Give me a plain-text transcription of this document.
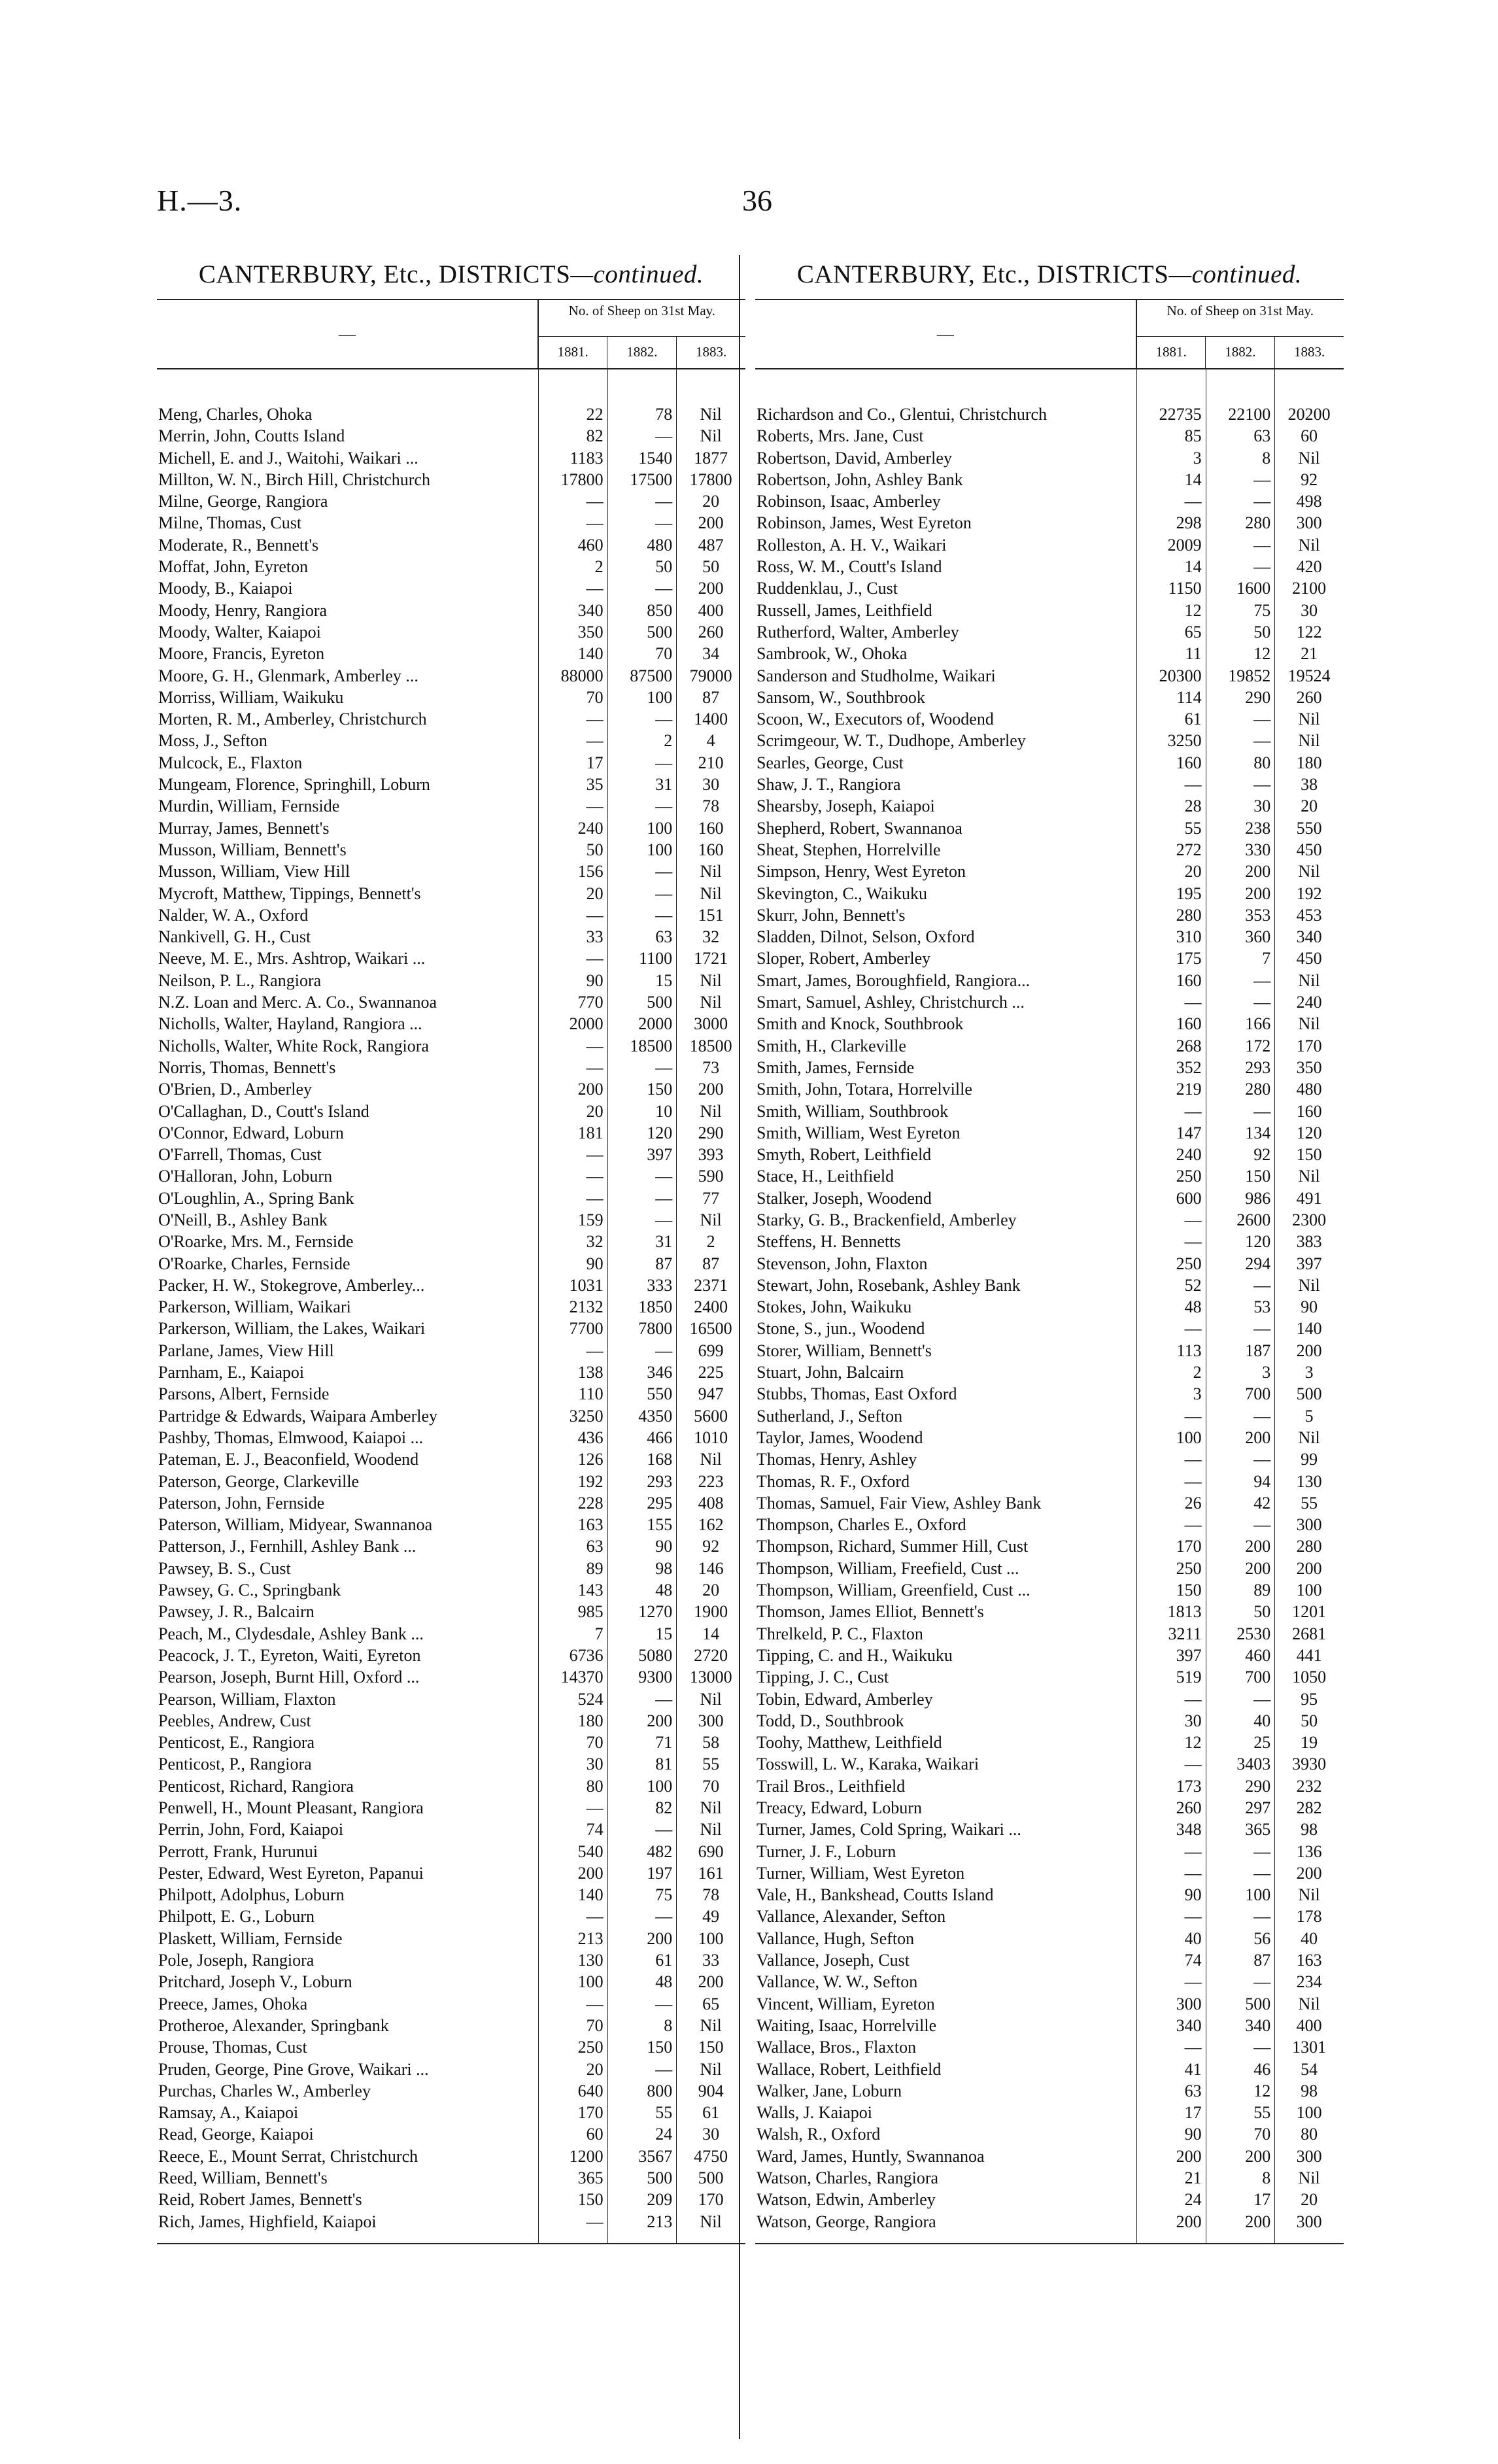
H.—3.	36
CANTERBURY, Etc., DISTRICTS—continued.
—
No. of Sheep on 31st May.
1881.	1882.	1883.
Meng, Charles, Ohoka	22	78	Nil
Merrin, John, Coutts Island	82	—	Nil
Michell, E. and J., Waitohi, Waikari ...	1183	1540	1877
Millton, W. N., Birch Hill, Christchurch	17800	17500	17800
Milne, George, Rangiora	—	—	20
Milne, Thomas, Cust	—	—	200
Moderate, R., Bennett's	460	480	487
Moffat, John, Eyreton	2	50	50
Moody, B., Kaiapoi	—	—	200
Moody, Henry, Rangiora	340	850	400
Moody, Walter, Kaiapoi	350	500	260
Moore, Francis, Eyreton	140	70	34
Moore, G. H., Glenmark, Amberley ...	88000	87500	79000
Morriss, William, Waikuku	70	100	87
Morten, R. M., Amberley, Christchurch	—	—	1400
Moss, J., Sefton	—	2	4
Mulcock, E., Flaxton	17	—	210
Mungeam, Florence, Springhill, Loburn	35	31	30
Murdin, William, Fernside	—	—	78
Murray, James, Bennett's	240	100	160
Musson, William, Bennett's	50	100	160
Musson, William, View Hill	156	—	Nil
Mycroft, Matthew, Tippings, Bennett's	20	—	Nil
Nalder, W. A., Oxford	—	—	151
Nankivell, G. H., Cust	33	63	32
Neeve, M. E., Mrs. Ashtrop, Waikari ...	—	1100	1721
Neilson, P. L., Rangiora	90	15	Nil
N.Z. Loan and Merc. A. Co., Swannanoa	770	500	Nil
Nicholls, Walter, Hayland, Rangiora ...	2000	2000	3000
Nicholls, Walter, White Rock, Rangiora	—	18500	18500
Norris, Thomas, Bennett's	—	—	73
O'Brien, D., Amberley	200	150	200
O'Callaghan, D., Coutt's Island	20	10	Nil
O'Connor, Edward, Loburn	181	120	290
O'Farrell, Thomas, Cust	—	397	393
O'Halloran, John, Loburn	—	—	590
O'Loughlin, A., Spring Bank	—	—	77
O'Neill, B., Ashley Bank	159	—	Nil
O'Roarke, Mrs. M., Fernside	32	31	2
O'Roarke, Charles, Fernside	90	87	87
Packer, H. W., Stokegrove, Amberley...	1031	333	2371
Parkerson, William, Waikari	2132	1850	2400
Parkerson, William, the Lakes, Waikari	7700	7800	16500
Parlane, James, View Hill	—	—	699
Parnham, E., Kaiapoi	138	346	225
Parsons, Albert, Fernside	110	550	947
Partridge & Edwards, Waipara Amberley	3250	4350	5600
Pashby, Thomas, Elmwood, Kaiapoi ...	436	466	1010
Pateman, E. J., Beaconfield, Woodend	126	168	Nil
Paterson, George, Clarkeville	192	293	223
Paterson, John, Fernside	228	295	408
Paterson, William, Midyear, Swannanoa	163	155	162
Patterson, J., Fernhill, Ashley Bank ...	63	90	92
Pawsey, B. S., Cust	89	98	146
Pawsey, G. C., Springbank	143	48	20
Pawsey, J. R., Balcairn	985	1270	1900
Peach, M., Clydesdale, Ashley Bank ...	7	15	14
Peacock, J. T., Eyreton, Waiti, Eyreton	6736	5080	2720
Pearson, Joseph, Burnt Hill, Oxford ...	14370	9300	13000
Pearson, William, Flaxton	524	—	Nil
Peebles, Andrew, Cust	180	200	300
Penticost, E., Rangiora	70	71	58
Penticost, P., Rangiora	30	81	55
Penticost, Richard, Rangiora	80	100	70
Penwell, H., Mount Pleasant, Rangiora	—	82	Nil
Perrin, John, Ford, Kaiapoi	74	—	Nil
Perrott, Frank, Hurunui	540	482	690
Pester, Edward, West Eyreton, Papanui	200	197	161
Philpott, Adolphus, Loburn	140	75	78
Philpott, E. G., Loburn	—	—	49
Plaskett, William, Fernside	213	200	100
Pole, Joseph, Rangiora	130	61	33
Pritchard, Joseph V., Loburn	100	48	200
Preece, James, Ohoka	—	—	65
Protheroe, Alexander, Springbank	70	8	Nil
Prouse, Thomas, Cust	250	150	150
Pruden, George, Pine Grove, Waikari ...	20	—	Nil
Purchas, Charles W., Amberley	640	800	904
Ramsay, A., Kaiapoi	170	55	61
Read, George, Kaiapoi	60	24	30
Reece, E., Mount Serrat, Christchurch	1200	3567	4750
Reed, William, Bennett's	365	500	500
Reid, Robert James, Bennett's	150	209	170
Rich, James, Highfield, Kaiapoi	—	213	Nil
CANTERBURY, Etc., DISTRICTS—continued.
—
No. of Sheep on 31st May.
1881.	1882.	1883.
Richardson and Co., Glentui, Christchurch	22735	22100	20200
Roberts, Mrs. Jane, Cust	85	63	60
Robertson, David, Amberley	3	8	Nil
Robertson, John, Ashley Bank	14	—	92
Robinson, Isaac, Amberley	—	—	498
Robinson, James, West Eyreton	298	280	300
Rolleston, A. H. V., Waikari	2009	—	Nil
Ross, W. M., Coutt's Island	14	—	420
Ruddenklau, J., Cust	1150	1600	2100
Russell, James, Leithfield	12	75	30
Rutherford, Walter, Amberley	65	50	122
Sambrook, W., Ohoka	11	12	21
Sanderson and Studholme, Waikari	20300	19852	19524
Sansom, W., Southbrook	114	290	260
Scoon, W., Executors of, Woodend	61	—	Nil
Scrimgeour, W. T., Dudhope, Amberley	3250	—	Nil
Searles, George, Cust	160	80	180
Shaw, J. T., Rangiora	—	—	38
Shearsby, Joseph, Kaiapoi	28	30	20
Shepherd, Robert, Swannanoa	55	238	550
Sheat, Stephen, Horrelville	272	330	450
Simpson, Henry, West Eyreton	20	200	Nil
Skevington, C., Waikuku	195	200	192
Skurr, John, Bennett's	280	353	453
Sladden, Dilnot, Selson, Oxford	310	360	340
Sloper, Robert, Amberley	175	7	450
Smart, James, Boroughfield, Rangiora...	160	—	Nil
Smart, Samuel, Ashley, Christchurch ...	—	—	240
Smith and Knock, Southbrook	160	166	Nil
Smith, H., Clarkeville	268	172	170
Smith, James, Fernside	352	293	350
Smith, John, Totara, Horrelville	219	280	480
Smith, William, Southbrook	—	—	160
Smith, William, West Eyreton	147	134	120
Smyth, Robert, Leithfield	240	92	150
Stace, H., Leithfield	250	150	Nil
Stalker, Joseph, Woodend	600	986	491
Starky, G. B., Brackenfield, Amberley	—	2600	2300
Steffens, H. Bennetts	—	120	383
Stevenson, John, Flaxton	250	294	397
Stewart, John, Rosebank, Ashley Bank	52	—	Nil
Stokes, John, Waikuku	48	53	90
Stone, S., jun., Woodend	—	—	140
Storer, William, Bennett's	113	187	200
Stuart, John, Balcairn	2	3	3
Stubbs, Thomas, East Oxford	3	700	500
Sutherland, J., Sefton	—	—	5
Taylor, James, Woodend	100	200	Nil
Thomas, Henry, Ashley	—	—	99
Thomas, R. F., Oxford	—	94	130
Thomas, Samuel, Fair View, Ashley Bank	26	42	55
Thompson, Charles E., Oxford	—	—	300
Thompson, Richard, Summer Hill, Cust	170	200	280
Thompson, William, Freefield, Cust ...	250	200	200
Thompson, William, Greenfield, Cust ...	150	89	100
Thomson, James Elliot, Bennett's	1813	50	1201
Threlkeld, P. C., Flaxton	3211	2530	2681
Tipping, C. and H., Waikuku	397	460	441
Tipping, J. C., Cust	519	700	1050
Tobin, Edward, Amberley	—	—	95
Todd, D., Southbrook	30	40	50
Toohy, Matthew, Leithfield	12	25	19
Tosswill, L. W., Karaka, Waikari	—	3403	3930
Trail Bros., Leithfield	173	290	232
Treacy, Edward, Loburn	260	297	282
Turner, James, Cold Spring, Waikari ...	348	365	98
Turner, J. F., Loburn	—	—	136
Turner, William, West Eyreton	—	—	200
Vale, H., Bankshead, Coutts Island	90	100	Nil
Vallance, Alexander, Sefton	—	—	178
Vallance, Hugh, Sefton	40	56	40
Vallance, Joseph, Cust	74	87	163
Vallance, W. W., Sefton	—	—	234
Vincent, William, Eyreton	300	500	Nil
Waiting, Isaac, Horrelville	340	340	400
Wallace, Bros., Flaxton	—	—	1301
Wallace, Robert, Leithfield	41	46	54
Walker, Jane, Loburn	63	12	98
Walls, J. Kaiapoi	17	55	100
Walsh, R., Oxford	90	70	80
Ward, James, Huntly, Swannanoa	200	200	300
Watson, Charles, Rangiora	21	8	Nil
Watson, Edwin, Amberley	24	17	20
Watson, George, Rangiora	200	200	300
